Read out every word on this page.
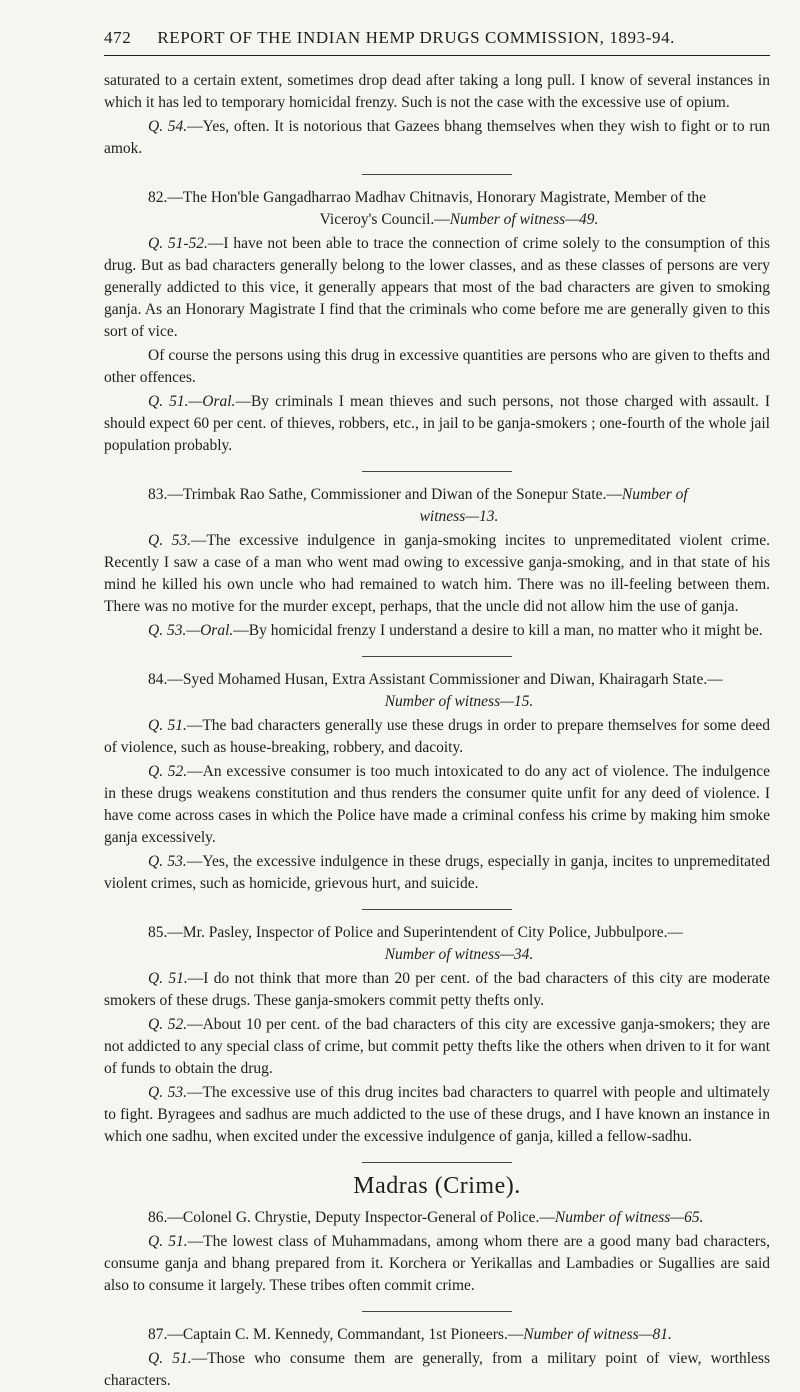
472 REPORT OF THE INDIAN HEMP DRUGS COMMISSION, 1893-94.

saturated to a certain extent, sometimes drop dead after taking a long pull. I know of several instances in which it has led to temporary homicidal frenzy. Such is not the case with the excessive use of opium.

Q. 54.—Yes, often. It is notorious that Gazees bhang themselves when they wish to fight or to run amok.

82.—The Hon'ble Gangadharrao Madhav Chitnavis, Honorary Magistrate, Member of the
Viceroy's Council.—Number of witness—49.

Q. 51-52.—I have not been able to trace the connection of crime solely to the consumption of this drug. But as bad characters generally belong to the lower classes, and as these classes of persons are very generally addicted to this vice, it generally appears that most of the bad characters are given to smoking ganja. As an Honorary Magistrate I find that the criminals who come before me are generally given to this sort of vice.

Of course the persons using this drug in excessive quantities are persons who are given to thefts and other offences.

Q. 51.—Oral.—By criminals I mean thieves and such persons, not those charged with assault. I should expect 60 per cent. of thieves, robbers, etc., in jail to be ganja-smokers ; one-fourth of the whole jail population probably.

83.—Trimbak Rao Sathe, Commissioner and Diwan of the Sonepur State.—Number of
witness—13.

Q. 53.—The excessive indulgence in ganja-smoking incites to unpremeditated violent crime. Recently I saw a case of a man who went mad owing to excessive ganja-smoking, and in that state of his mind he killed his own uncle who had remained to watch him. There was no ill-feeling between them. There was no motive for the murder except, perhaps, that the uncle did not allow him the use of ganja.

Q. 53.—Oral.—By homicidal frenzy I understand a desire to kill a man, no matter who it might be.

84.—Syed Mohamed Husan, Extra Assistant Commissioner and Diwan, Khairagarh State.—
Number of witness—15.

Q. 51.—The bad characters generally use these drugs in order to prepare themselves for some deed of violence, such as house-breaking, robbery, and dacoity.

Q. 52.—An excessive consumer is too much intoxicated to do any act of violence. The indulgence in these drugs weakens constitution and thus renders the consumer quite unfit for any deed of violence. I have come across cases in which the Police have made a criminal confess his crime by making him smoke ganja excessively.

Q. 53.—Yes, the excessive indulgence in these drugs, especially in ganja, incites to unpremeditated violent crimes, such as homicide, grievous hurt, and suicide.

85.—Mr. Pasley, Inspector of Police and Superintendent of City Police, Jubbulpore.—
Number of witness—34.

Q. 51.—I do not think that more than 20 per cent. of the bad characters of this city are moderate smokers of these drugs. These ganja-smokers commit petty thefts only.

Q. 52.—About 10 per cent. of the bad characters of this city are excessive ganja-smokers; they are not addicted to any special class of crime, but commit petty thefts like the others when driven to it for want of funds to obtain the drug.

Q. 53.—The excessive use of this drug incites bad characters to quarrel with people and ultimately to fight. Byragees and sadhus are much addicted to the use of these drugs, and I have known an instance in which one sadhu, when excited under the excessive indulgence of ganja, killed a fellow-sadhu.

Madras (Crime).

86.—Colonel G. Chrystie, Deputy Inspector-General of Police.—Number of witness—65.

Q. 51.—The lowest class of Muhammadans, among whom there are a good many bad characters, consume ganja and bhang prepared from it. Korchera or Yerikallas and Lambadies or Sugallies are said also to consume it largely. These tribes often commit crime.

87.—Captain C. M. Kennedy, Commandant, 1st Pioneers.—Number of witness—81.

Q. 51.—Those who consume them are generally, from a military point of view, worthless characters.
